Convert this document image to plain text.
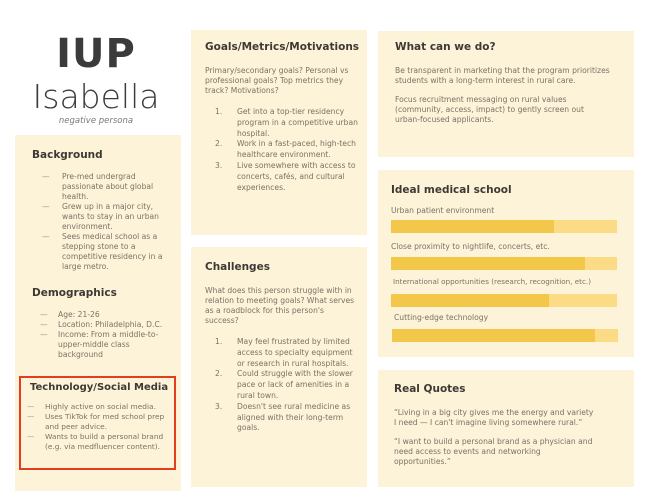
IUP
Isabella
negative persona
Background
— Pre-med undergrad passionate about global health.
— Grew up in a major city, wants to stay in an urban environment.
— Sees medical school as a stepping stone to a competitive residency in a large metro.
Demographics
— Age: 21-26
— Location: Philadelphia, D.C.
— Income: From a middle-to-upper-middle class background
Technology/Social Media
— Highly active on social media.
— Uses TikTok for med school prep and peer advice.
— Wants to build a personal brand (e.g. via medfluencer content).
Goals/Metrics/Motivations

Primary/secondary goals? Personal vs professional goals? Top metrics they track? Motivations?

1. Get into a top-tier residency program in a competitive urban hospital.
2. Work in a fast-paced, high-tech healthcare environment.
3. Live somewhere with access to concerts, cafés, and cultural experiences.
Challenges

What does this person struggle with in relation to meeting goals? What serves as a roadblock for this person's success?

1. May feel frustrated by limited access to specialty equipment or research in rural hospitals.
2. Could struggle with the slower pace or lack of amenities in a rural town.
3. Doesn't see rural medicine as aligned with their long-term goals.
What can we do?

Be transparent in marketing that the program prioritizes students with a long-term interest in rural care.

Focus recruitment messaging on rural values (community, access, impact) to gently screen out urban-focused applicants.

Ideal medical school
Urban patient environment
Close proximity to nightlife, concerts, etc.
International opportunities (research, recognition, etc.)
Cutting-edge technology
Real Quotes

“Living in a big city gives me the energy and variety I need — I can't imagine living somewhere rural.”

“I want to build a personal brand as a physician and need access to events and networking opportunities.”
